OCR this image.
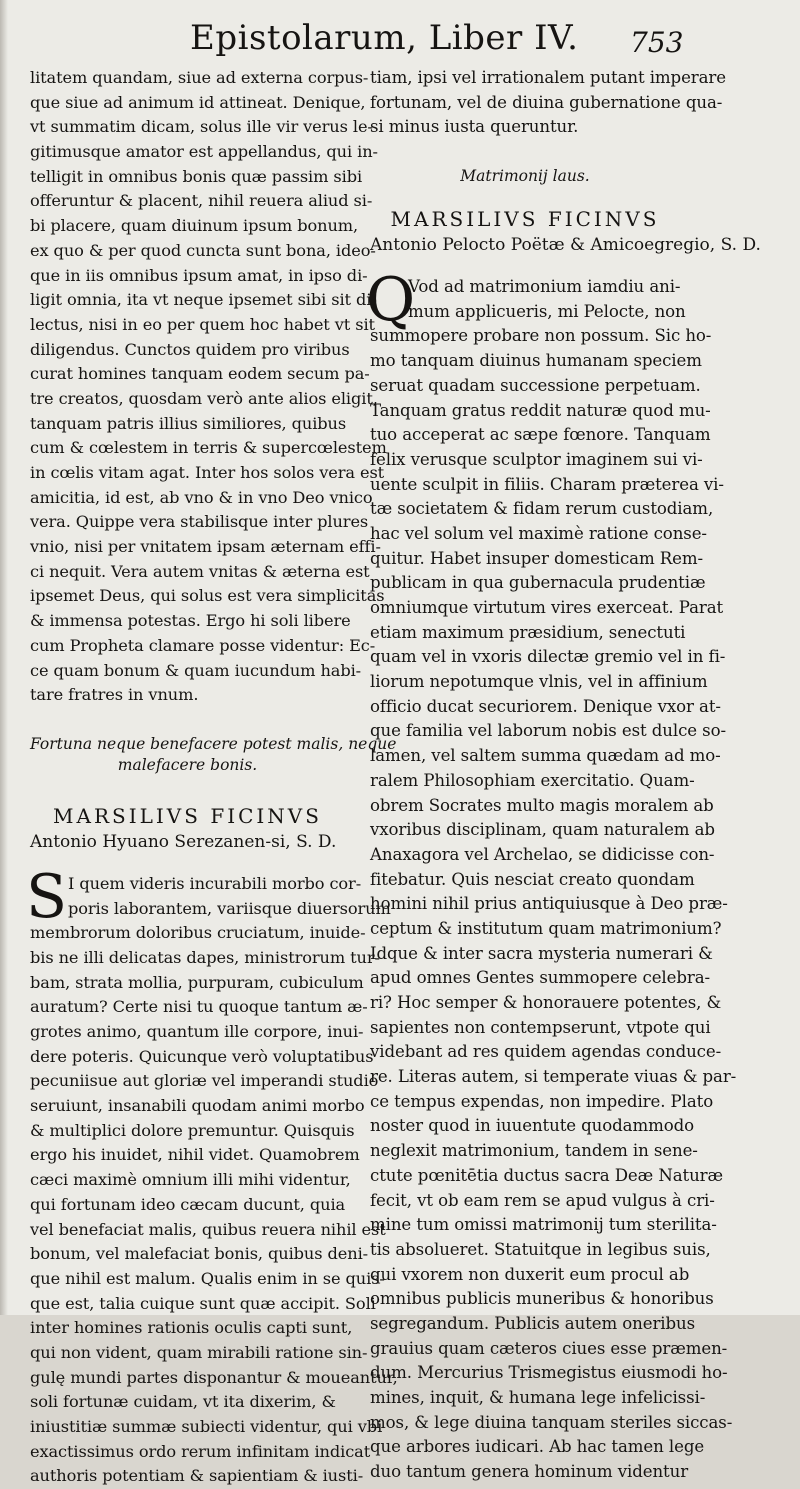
Epistolarum, Liber IV. 753
litatem quandam, siue ad externa corpus-
que siue ad animum id attineat. Denique,
vt summatim dicam, solus ille vir verus le-
gitimusque amator est appellandus, qui in-
telligit in omnibus bonis quæ passim sibi
offeruntur & placent, nihil reuera aliud si-
bi placere, quam diuinum ipsum bonum,
ex quo & per quod cuncta sunt bona, ideo-
que in iis omnibus ipsum amat, in ipso di-
ligit omnia, ita vt neque ipsemet sibi sit di-
lectus, nisi in eo per quem hoc habet vt sit
diligendus. Cunctos quidem pro viribus
curat homines tanquam eodem secum pa-
tre creatos, quosdam verò ante alios eligit,
tanquam patris illius similiores, quibus
cum & cœlestem in terris & supercœlestem
in cœlis vitam agat. Inter hos solos vera est
amicitia, id est, ab vno & in vno Deo vnico
vera. Quippe vera stabilisque inter plures
vnio, nisi per vnitatem ipsam æternam effi-
ci nequit. Vera autem vnitas & æterna est
ipsemet Deus, qui solus est vera simplicitas
& immensa potestas. Ergo hi soli libere
cum Propheta clamare posse videntur: Ec-
ce quam bonum & quam iucundum habi-
tare fratres in vnum.
Fortuna neque benefacere potest malis, neque
malefacere bonis.
MARSILIVS FICINVS
Antonio Hyuano Serezanen-si, S. D.
S I quem videris incurabili morbo cor-
poris laborantem, variisque diuersorum
membrorum doloribus cruciatum, inuide-
bis ne illi delicatas dapes, ministrorum tur-
bam, strata mollia, purpuram, cubiculum
auratum? Certe nisi tu quoque tantum æ-
grotes animo, quantum ille corpore, inui-
dere poteris. Quicunque verò voluptatibus
pecuniisue aut gloriæ vel imperandi studio
seruiunt, insanabili quodam animi morbo
& multiplici dolore premuntur. Quisquis
ergo his inuidet, nihil videt. Quamobrem
cæci maximè omnium illi mihi videntur,
qui fortunam ideo cæcam ducunt, quia
vel benefaciat malis, quibus reuera nihil est
bonum, vel malefaciat bonis, quibus deni-
que nihil est malum. Qualis enim in se quis-
que est, talia cuique sunt quæ accipit. Soli
inter homines rationis oculis capti sunt,
qui non vident, quam mirabili ratione sin-
gulę mundi partes disponantur & moueantur,
soli fortunæ cuidam, vt ita dixerim, &
iniustitiæ summæ subiecti videntur, qui vbi
exactissimus ordo rerum infinitam indicat
authoris potentiam & sapientiam & iusti-
tiam, ipsi vel irrationalem putant imperare
fortunam, vel de diuina gubernatione qua-
si minus iusta queruntur.
Matrimonij laus.
MARSILIVS FICINVS
Antonio Pelocto Poëtæ & Amicoegregio, S. D.
Q
Vod ad matrimonium iamdiu ani-
mum applicueris, mi Pelocte, non
summopere probare non possum. Sic ho-
mo tanquam diuinus humanam speciem
seruat quadam successione perpetuam.
Tanquam gratus reddit naturæ quod mu-
tuo acceperat ac sæpe fœnore. Tanquam
felix verusque sculptor imaginem sui vi-
uente sculpit in filiis. Charam præterea vi-
tæ societatem & fidam rerum custodiam,
hac vel solum vel maximè ratione conse-
quitur. Habet insuper domesticam Rem-
publicam in qua gubernacula prudentiæ
omniumque virtutum vires exerceat. Parat
etiam maximum præsidium, senectuti
quam vel in vxoris dilectæ gremio vel in fi-
liorum nepotumque vlnis, vel in affinium
officio ducat securiorem. Denique vxor at-
que familia vel laborum nobis est dulce so-
lamen, vel saltem summa quædam ad mo-
ralem Philosophiam exercitatio. Quam-
obrem Socrates multo magis moralem ab
vxoribus disciplinam, quam naturalem ab
Anaxagora vel Archelao, se didicisse con-
fitebatur. Quis nesciat creato quondam
homini nihil prius antiquiusque à Deo præ-
ceptum & institutum quam matrimonium?
Idque & inter sacra mysteria numerari &
apud omnes Gentes summopere celebra-
ri? Hoc semper & honorauere potentes, &
sapientes non contempserunt, vtpote qui
videbant ad res quidem agendas conduce-
re. Literas autem, si temperate viuas & par-
ce tempus expendas, non impedire. Plato
noster quod in iuuentute quodammodo
neglexit matrimonium, tandem in sene-
ctute pœnitētia ductus sacra Deæ Naturæ
fecit, vt ob eam rem se apud vulgus à cri-
mine tum omissi matrimonij tum sterilita-
tis absolueret. Statuitque in legibus suis,
qui vxorem non duxerit eum procul ab
omnibus publicis muneribus & honoribus
segregandum. Publicis autem oneribus
grauius quam cæteros ciues esse præmen-
dum. Mercurius Trismegistus eiusmodi ho-
mines, inquit, & humana lege infelicissi-
mos, & lege diuina tanquam steriles siccas-
que arbores iudicari. Ab hac tamen lege
duo tantum genera hominum videntur
